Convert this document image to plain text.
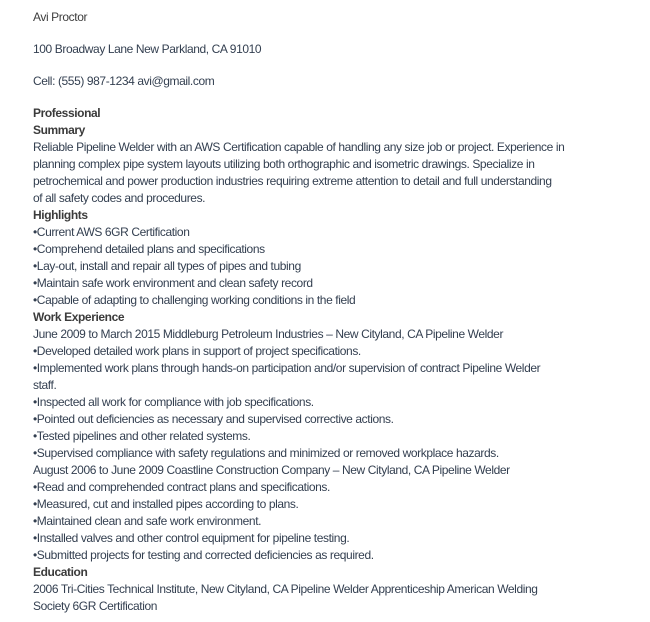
Avi Proctor
100 Broadway Lane New Parkland, CA 91010
Cell: (555) 987-1234 avi@gmail.com
Professional
Summary
Reliable Pipeline Welder with an AWS Certification capable of handling any size job or project. Experience in
planning complex pipe system layouts utilizing both orthographic and isometric drawings. Specialize in
petrochemical and power production industries requiring extreme attention to detail and full understanding
of all safety codes and procedures.
Highlights
•Current AWS 6GR Certification
•Comprehend detailed plans and specifications
•Lay-out, install and repair all types of pipes and tubing
•Maintain safe work environment and clean safety record
•Capable of adapting to challenging working conditions in the field
Work Experience
June 2009 to March 2015 Middleburg Petroleum Industries – New Cityland, CA Pipeline Welder
•Developed detailed work plans in support of project specifications.
•Implemented work plans through hands-on participation and/or supervision of contract Pipeline Welder
staff.
•Inspected all work for compliance with job specifications.
•Pointed out deficiencies as necessary and supervised corrective actions.
•Tested pipelines and other related systems.
•Supervised compliance with safety regulations and minimized or removed workplace hazards.
August 2006 to June 2009 Coastline Construction Company – New Cityland, CA Pipeline Welder
•Read and comprehended contract plans and specifications.
•Measured, cut and installed pipes according to plans.
•Maintained clean and safe work environment.
•Installed valves and other control equipment for pipeline testing.
•Submitted projects for testing and corrected deficiencies as required.
Education
2006 Tri-Cities Technical Institute, New Cityland, CA Pipeline Welder Apprenticeship American Welding
Society 6GR Certification
